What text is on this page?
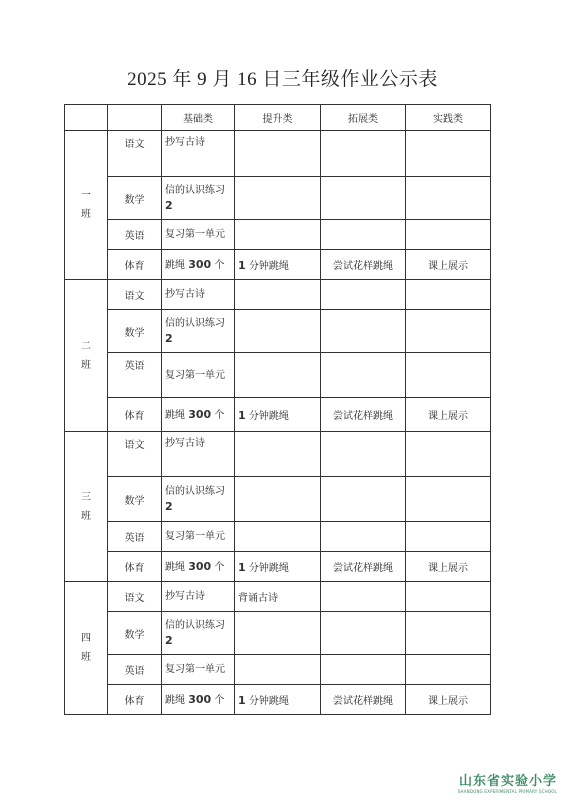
2025 年 9 月 16 日三年级作业公示表
		基础类	提升类	拓展类	实践类

一
班	语文	抄写古诗			
	数学	信的认识练习
2			
	英语	复习第一单元			
	体育	跳绳 300 个	1 分钟跳绳	尝试花样跳绳	课上展示

二
班	语文	抄写古诗			
	数学	信的认识练习
2			
	英语	复习第一单元			
	体育	跳绳 300 个	1 分钟跳绳	尝试花样跳绳	课上展示

三
班	语文	抄写古诗			
	数学	信的认识练习
2			
	英语	复习第一单元			
	体育	跳绳 300 个	1 分钟跳绳	尝试花样跳绳	课上展示

四
班	语文	抄写古诗	背诵古诗		
	数学	信的认识练习
2			
	英语	复习第一单元			
	体育	跳绳 300 个	1 分钟跳绳	尝试花样跳绳	课上展示
山东省实验小学
SHANDONG EXPERIMENTAL PRIMARY SCHOOL
